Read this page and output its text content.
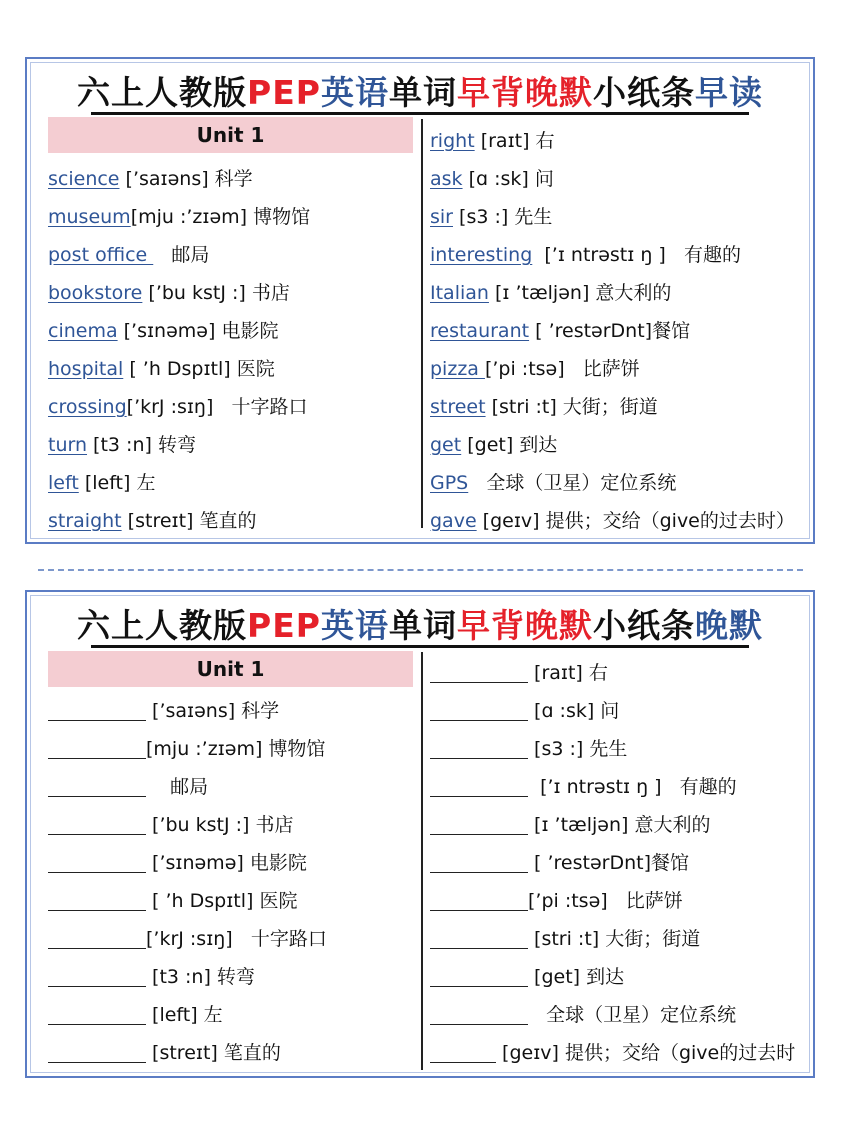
六上人教版PEP英语单词早背晚默小纸条早读
Unit 1
science [’saɪəns] 科学
museum[mju :’zɪəm] 博物馆
post office    邮局
bookstore [’bu kstJ :] 书店
cinema [’sɪnəmə] 电影院
hospital [ ’h Dspɪtl] 医院
crossing[’krJ :sɪŋ]   十字路口
turn [t3 :n] 转弯
left [left] 左
straight [streɪt] 笔直的
right [raɪt] 右
ask [ɑ :sk] 问
sir [s3 :] 先生
interesting  [’ɪ ntrəstɪ ŋ ]   有趣的
Italian [ɪ ’tæljən] 意大利的
restaurant [ ’restərDnt]餐馆
pizza [’pi :tsə]   比萨饼
street [stri :t] 大街；街道
get [get] 到达
GPS   全球（卫星）定位系统
gave [geɪv] 提供；交给（give的过去时）
六上人教版PEP英语单词早背晚默小纸条晚默
Unit 1
[’saɪəns] 科学
[mju :’zɪəm] 博物馆
邮局
[’bu kstJ :] 书店
[’sɪnəmə] 电影院
[ ’h Dspɪtl] 医院
[’krJ :sɪŋ]   十字路口
[t3 :n] 转弯
[left] 左
[streɪt] 笔直的
[raɪt] 右
[ɑ :sk] 问
[s3 :] 先生
[’ɪ ntrəstɪ ŋ ]   有趣的
[ɪ ’tæljən] 意大利的
[ ’restərDnt]餐馆
[’pi :tsə]   比萨饼
[stri :t] 大街；街道
[get] 到达
全球（卫星）定位系统
[geɪv] 提供；交给（give的过去时
